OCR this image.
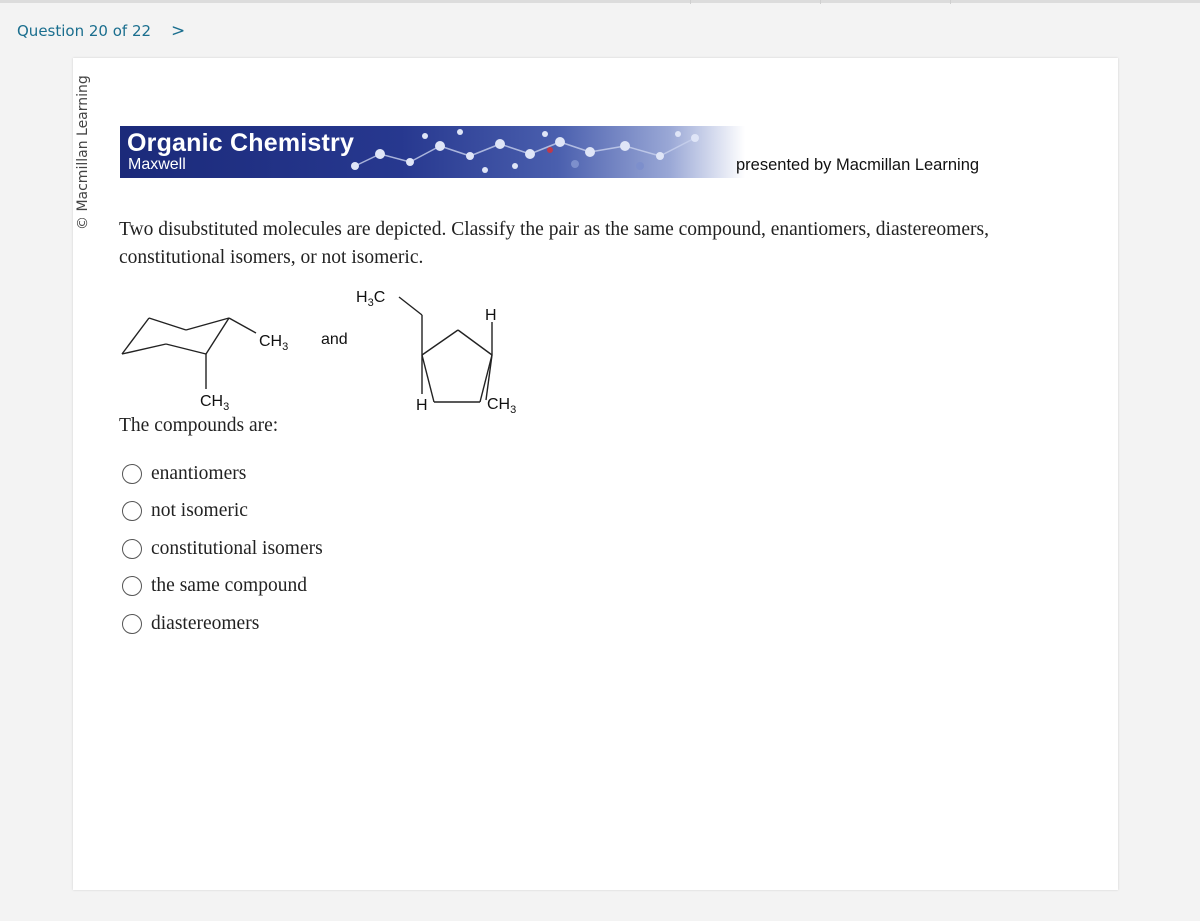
Question 20 of 22 >
© Macmillan Learning Organic Chemistry
Maxwell	presented by Macmillan Learning
Two disubstituted molecules are depicted. Classify the pair as the same compound, enantiomers, diastereomers, constitutional isomers, or not isomeric.
$CH_3$
$CH_3$
and
$H_3C$
H
H	$CH_3$
The compounds are:
enantiomers
not isomeric
constitutional isomers
the same compound
diastereomers
